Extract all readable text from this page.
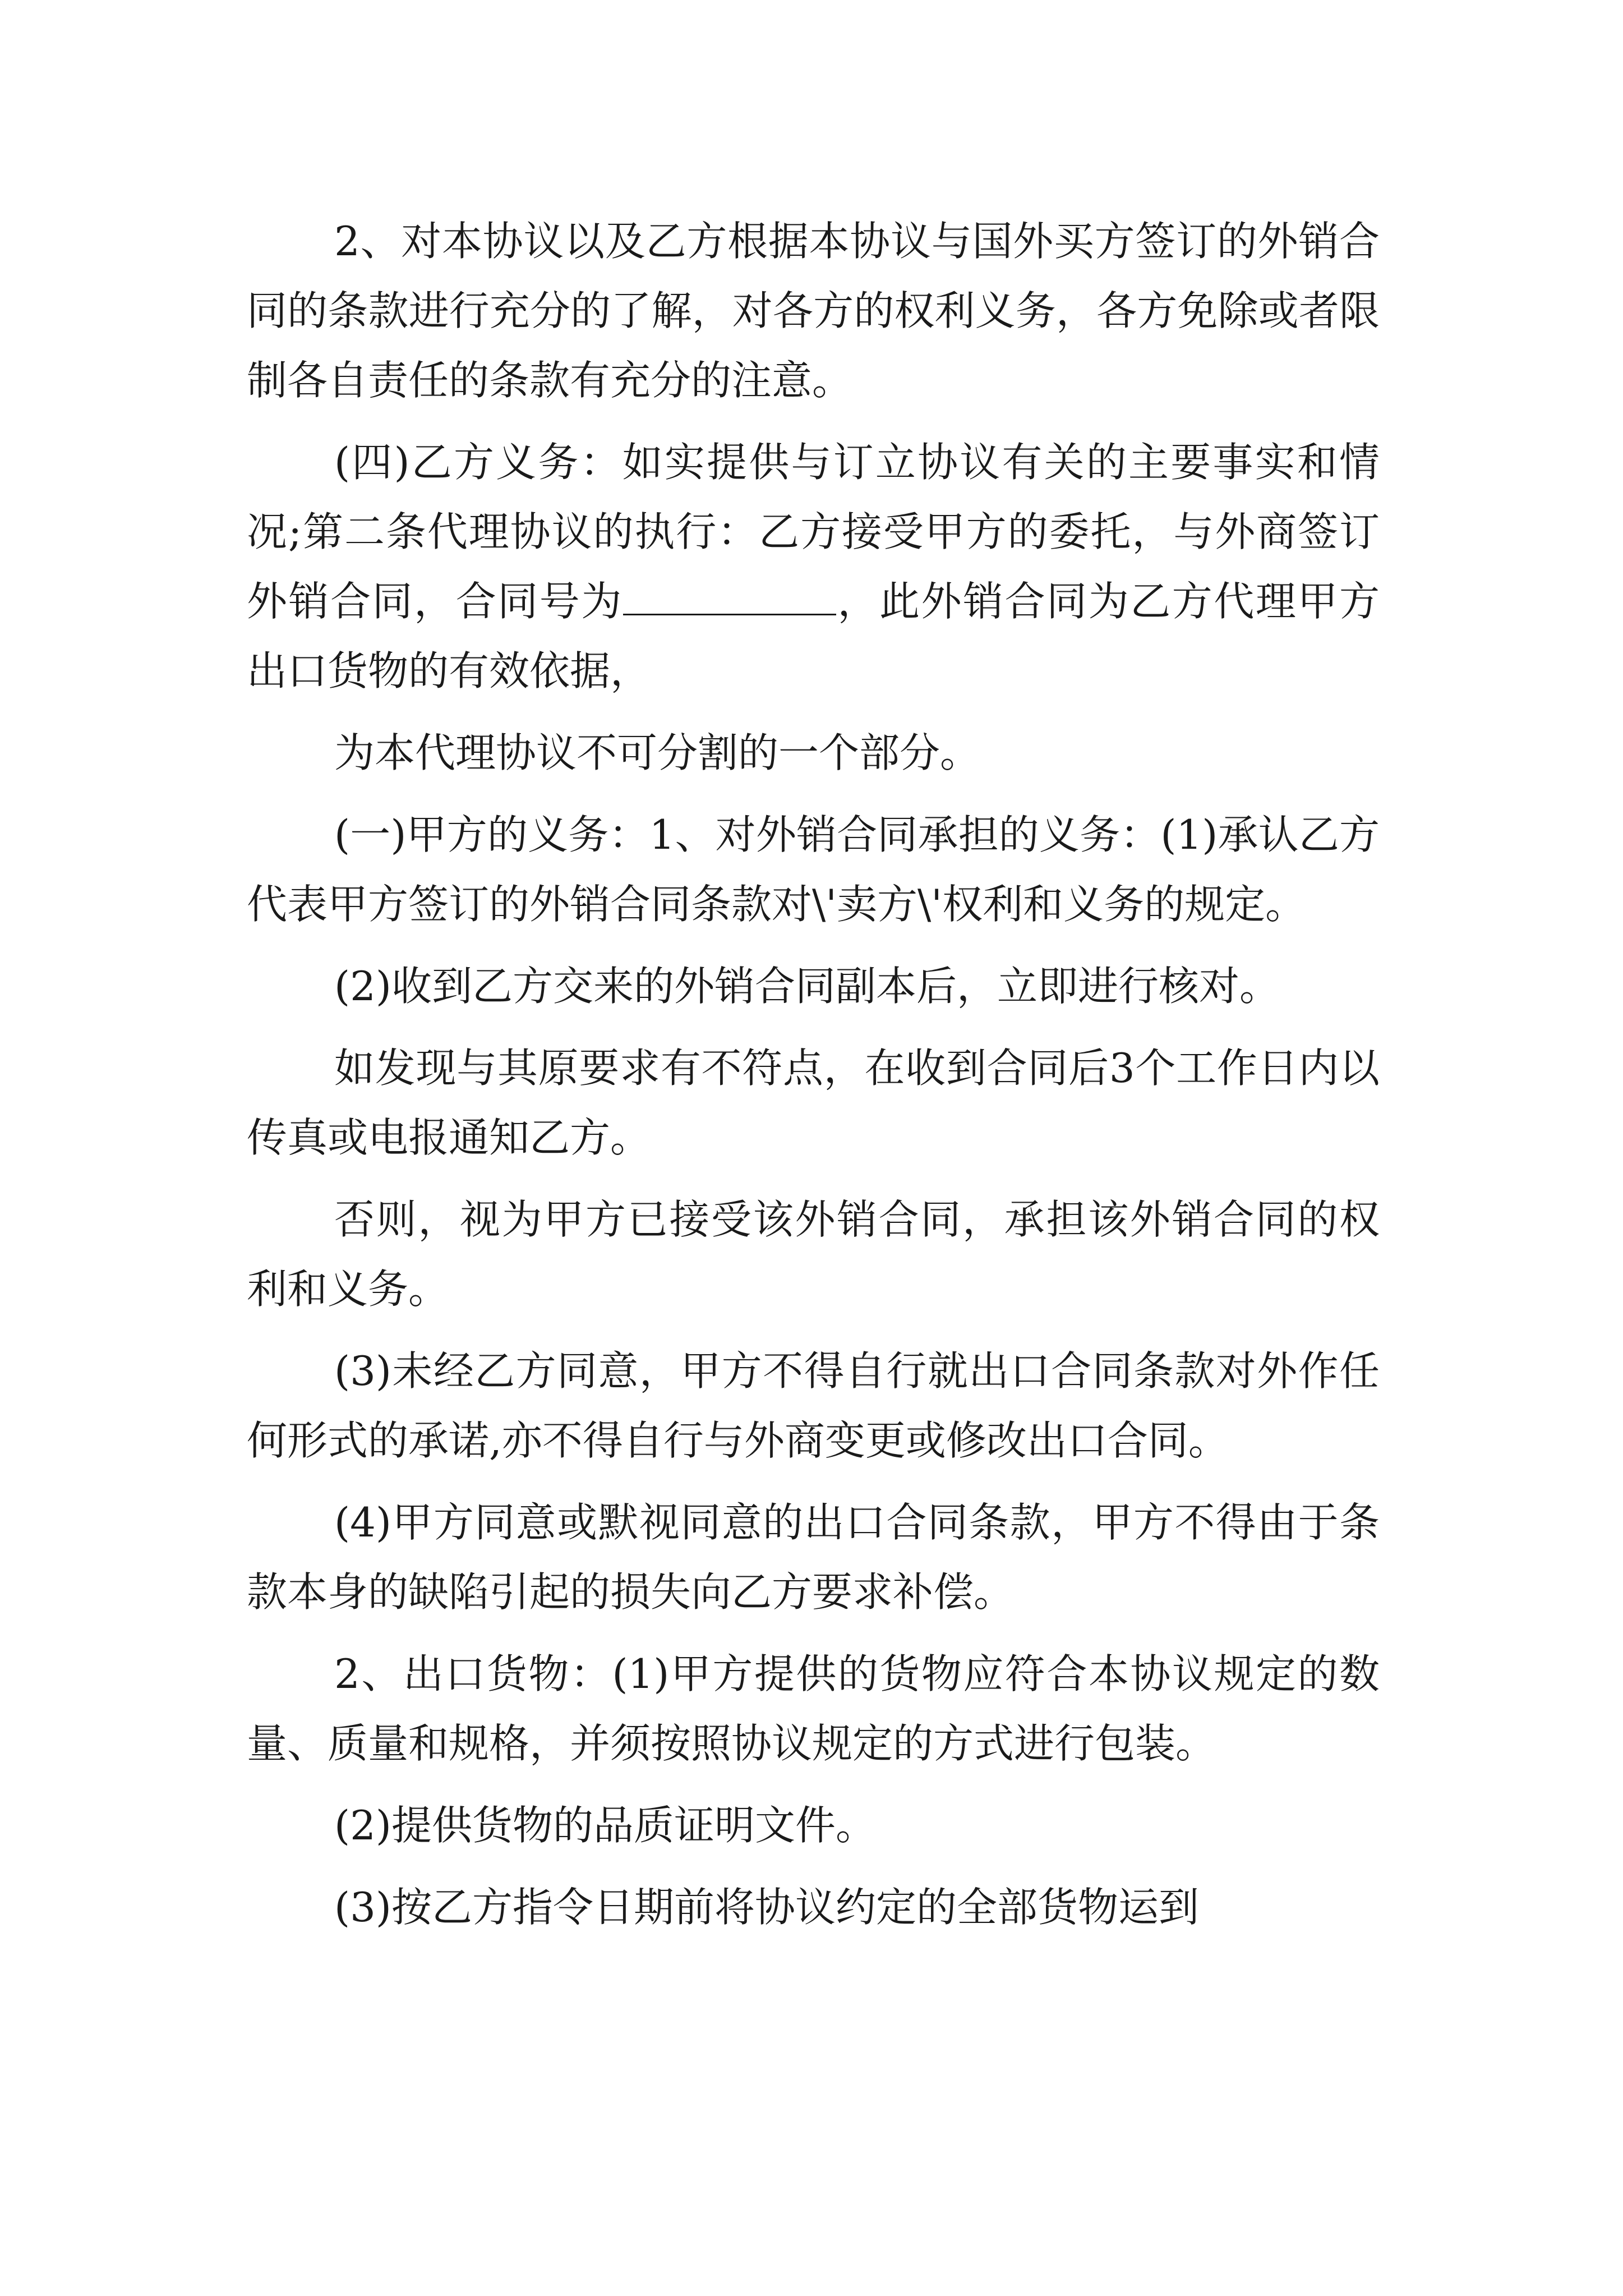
2、对本协议以及乙方根据本协议与国外买方签订的外销合同的条款进行充分的了解，对各方的权利义务，各方免除或者限制各自责任的条款有充分的注意。

(四)乙方义务：如实提供与订立协议有关的主要事实和情况;第二条代理协议的执行：乙方接受甲方的委托，与外商签订外销合同，合同号为	，此外销合同为乙方代理甲方出口货物的有效依据，

为本代理协议不可分割的一个部分。

(一)甲方的义务：1、对外销合同承担的义务：(1)承认乙方代表甲方签订的外销合同条款对\'卖方\'权利和义务的规定。

(2)收到乙方交来的外销合同副本后，立即进行核对。

如发现与其原要求有不符点，在收到合同后3个工作日内以传真或电报通知乙方。

否则，视为甲方已接受该外销合同，承担该外销合同的权利和义务。

(3)未经乙方同意，甲方不得自行就出口合同条款对外作任何形式的承诺,亦不得自行与外商变更或修改出口合同。

(4)甲方同意或默视同意的出口合同条款，甲方不得由于条款本身的缺陷引起的损失向乙方要求补偿。

2、出口货物：(1)甲方提供的货物应符合本协议规定的数量、质量和规格，并须按照协议规定的方式进行包装。

(2)提供货物的品质证明文件。

(3)按乙方指令日期前将协议约定的全部货物运到
